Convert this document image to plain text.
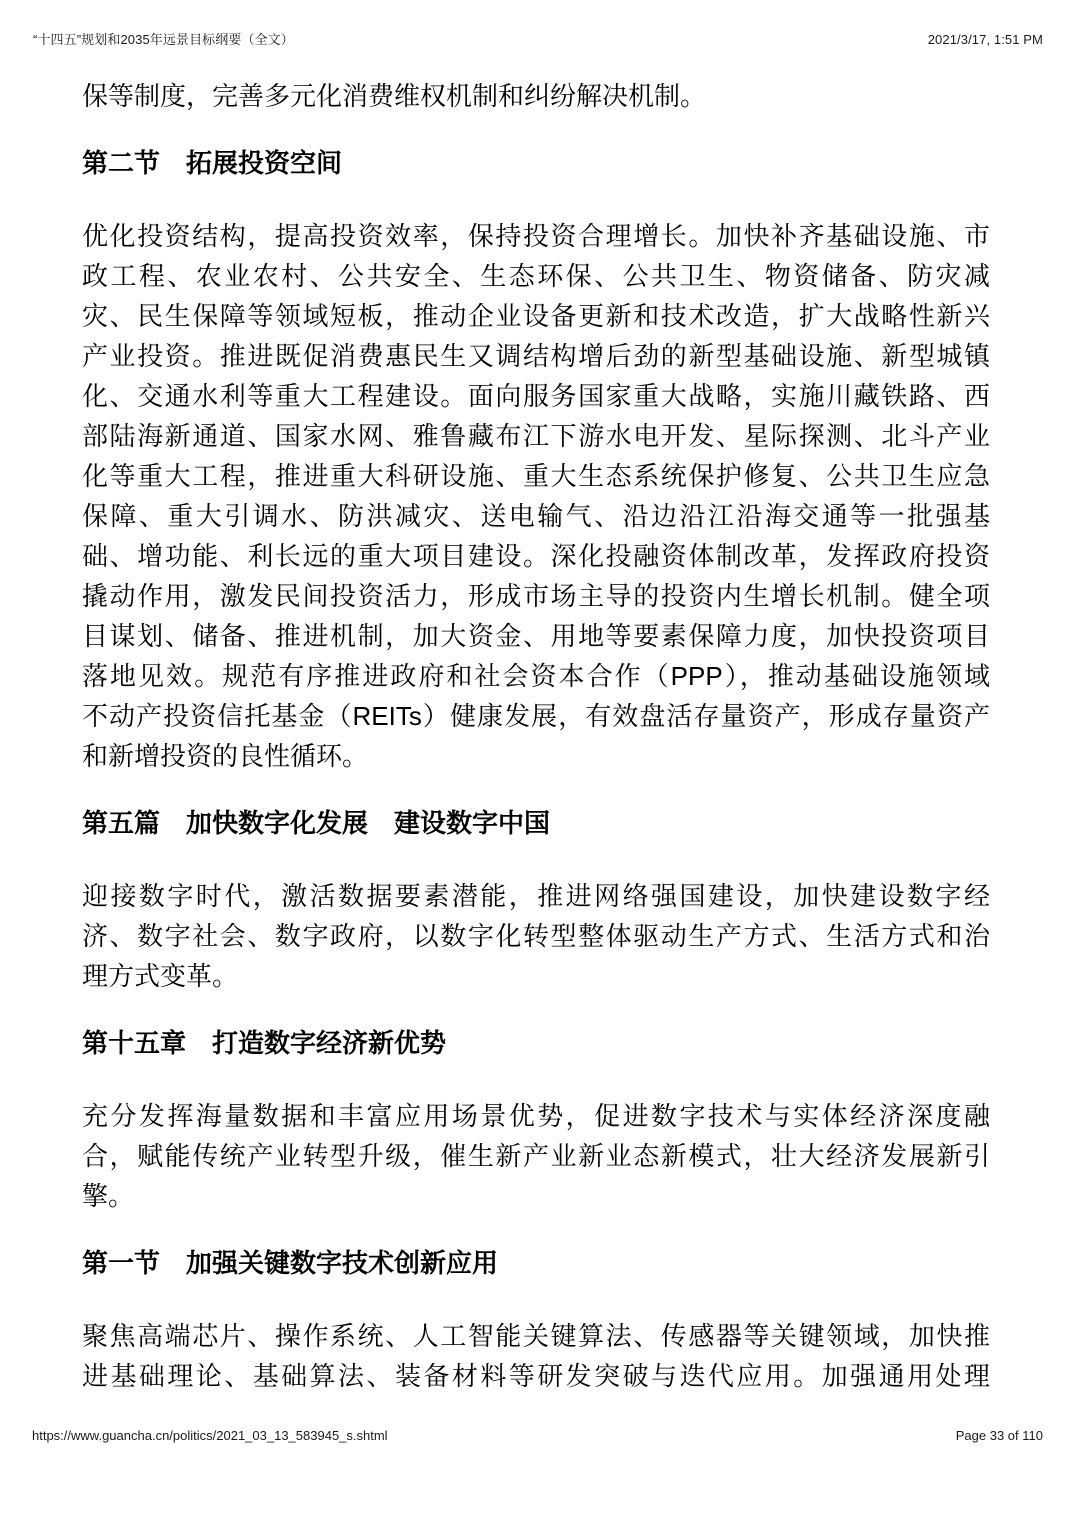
“十四五”规划和2035年远景目标纲要（全文）	2021/3/17, 1:51 PM
保等制度，完善多元化消费维权机制和纠纷解决机制。
第二节　拓展投资空间
优化投资结构，提高投资效率，保持投资合理增长。加快补齐基础设施、市
政工程、农业农村、公共安全、生态环保、公共卫生、物资储备、防灾减
灾、民生保障等领域短板，推动企业设备更新和技术改造，扩大战略性新兴
产业投资。推进既促消费惠民生又调结构增后劲的新型基础设施、新型城镇
化、交通水利等重大工程建设。面向服务国家重大战略，实施川藏铁路、西
部陆海新通道、国家水网、雅鲁藏布江下游水电开发、星际探测、北斗产业
化等重大工程，推进重大科研设施、重大生态系统保护修复、公共卫生应急
保障、重大引调水、防洪减灾、送电输气、沿边沿江沿海交通等一批强基
础、增功能、利长远的重大项目建设。深化投融资体制改革，发挥政府投资
撬动作用，激发民间投资活力，形成市场主导的投资内生增长机制。健全项
目谋划、储备、推进机制，加大资金、用地等要素保障力度，加快投资项目
落地见效。规范有序推进政府和社会资本合作（PPP），推动基础设施领域
不动产投资信托基金（REITs）健康发展，有效盘活存量资产，形成存量资产
和新增投资的良性循环。
第五篇　加快数字化发展　建设数字中国
迎接数字时代，激活数据要素潜能，推进网络强国建设，加快建设数字经
济、数字社会、数字政府，以数字化转型整体驱动生产方式、生活方式和治
理方式变革。
第十五章　打造数字经济新优势
充分发挥海量数据和丰富应用场景优势，促进数字技术与实体经济深度融
合，赋能传统产业转型升级，催生新产业新业态新模式，壮大经济发展新引
擎。
第一节　加强关键数字技术创新应用
聚焦高端芯片、操作系统、人工智能关键算法、传感器等关键领域，加快推
进基础理论、基础算法、装备材料等研发突破与迭代应用。加强通用处理
https://www.guancha.cn/politics/2021_03_13_583945_s.shtml	Page 33 of 110
